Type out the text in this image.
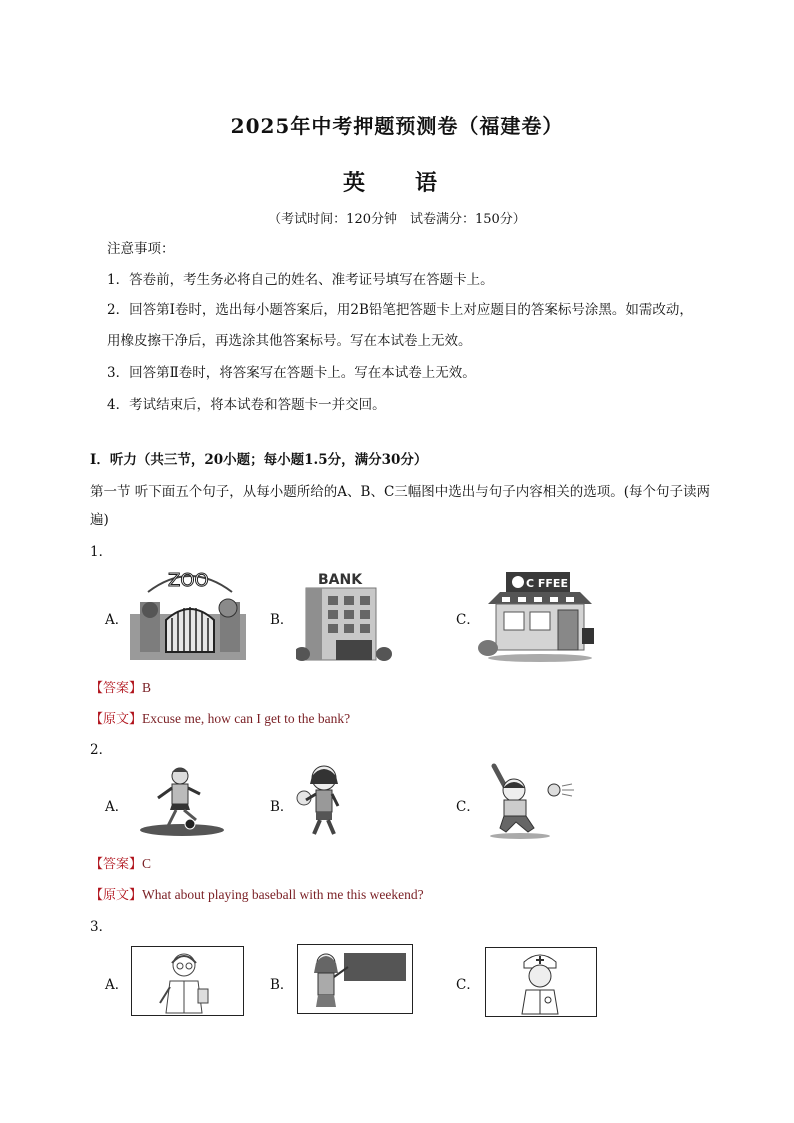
2025年中考押题预测卷（福建卷）
英　语
（考试时间：120分钟　试卷满分：150分）
注意事项：
1．答卷前，考生务必将自己的姓名、准考证号填写在答题卡上。
2．回答第Ⅰ卷时，选出每小题答案后，用2B铅笔把答题卡上对应题目的答案标号涂黑。如需改动，
用橡皮擦干净后，再选涂其他答案标号。写在本试卷上无效。
3．回答第Ⅱ卷时，将答案写在答题卡上。写在本试卷上无效。
4．考试结束后，将本试卷和答题卡一并交回。
Ⅰ．听力（共三节，20小题；每小题1.5分，满分30分）
第一节 听下面五个句子，从每小题所给的A、B、C三幅图中选出与句子内容相关的选项。(每个句子读两遍)
1．
A．
ZOO
B．
BANK
C．
C FFEE
【答案】B
【原文】Excuse me, how can I get to the bank?
2．
A．	B．	C．
【答案】C
【原文】What about playing baseball with me this weekend?
3．
A．	B．	C．
